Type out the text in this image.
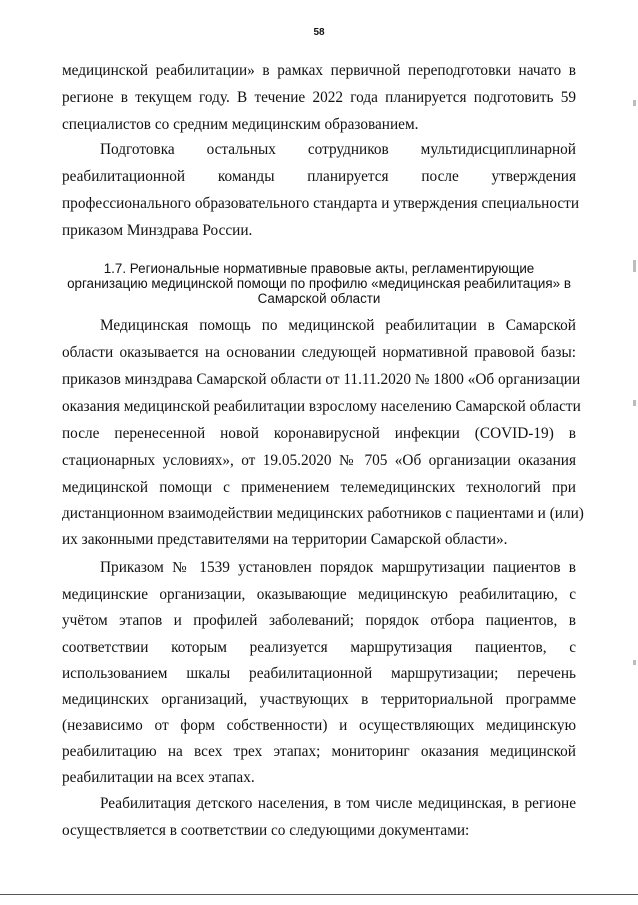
58
медицинской реабилитации» в рамках первичной переподготовки начато в
регионе в текущем году. В течение 2022 года планируется подготовить 59
специалистов со средним медицинским образованием.
Подготовка остальных сотрудников мультидисциплинарной
реабилитационной команды планируется после утверждения
профессионального образовательного стандарта и утверждения специальности
приказом Минздрава России.
1.7. Региональные нормативные правовые акты, регламентирующие
организацию медицинской помощи по профилю «медицинская реабилитация» в
Самарской области
Медицинская помощь по медицинской реабилитации в Самарской
области оказывается на основании следующей нормативной правовой базы:
приказов минздрава Самарской области от 11.11.2020 № 1800 «Об организации
оказания медицинской реабилитации взрослому населению Самарской области
после перенесенной новой коронавирусной инфекции (COVID-19) в
стационарных условиях», от 19.05.2020 № 705 «Об организации оказания
медицинской помощи с применением телемедицинских технологий при
дистанционном взаимодействии медицинских работников с пациентами и (или)
их законными представителями на территории Самарской области».
Приказом № 1539 установлен порядок маршрутизации пациентов в
медицинские организации, оказывающие медицинскую реабилитацию, с
учётом этапов и профилей заболеваний; порядок отбора пациентов, в
соответствии которым реализуется маршрутизация пациентов, с
использованием шкалы реабилитационной маршрутизации; перечень
медицинских организаций, участвующих в территориальной программе
(независимо от форм собственности) и осуществляющих медицинскую
реабилитацию на всех трех этапах; мониторинг оказания медицинской
реабилитации на всех этапах.
Реабилитация детского населения, в том числе медицинская, в регионе
осуществляется в соответствии со следующими документами:
